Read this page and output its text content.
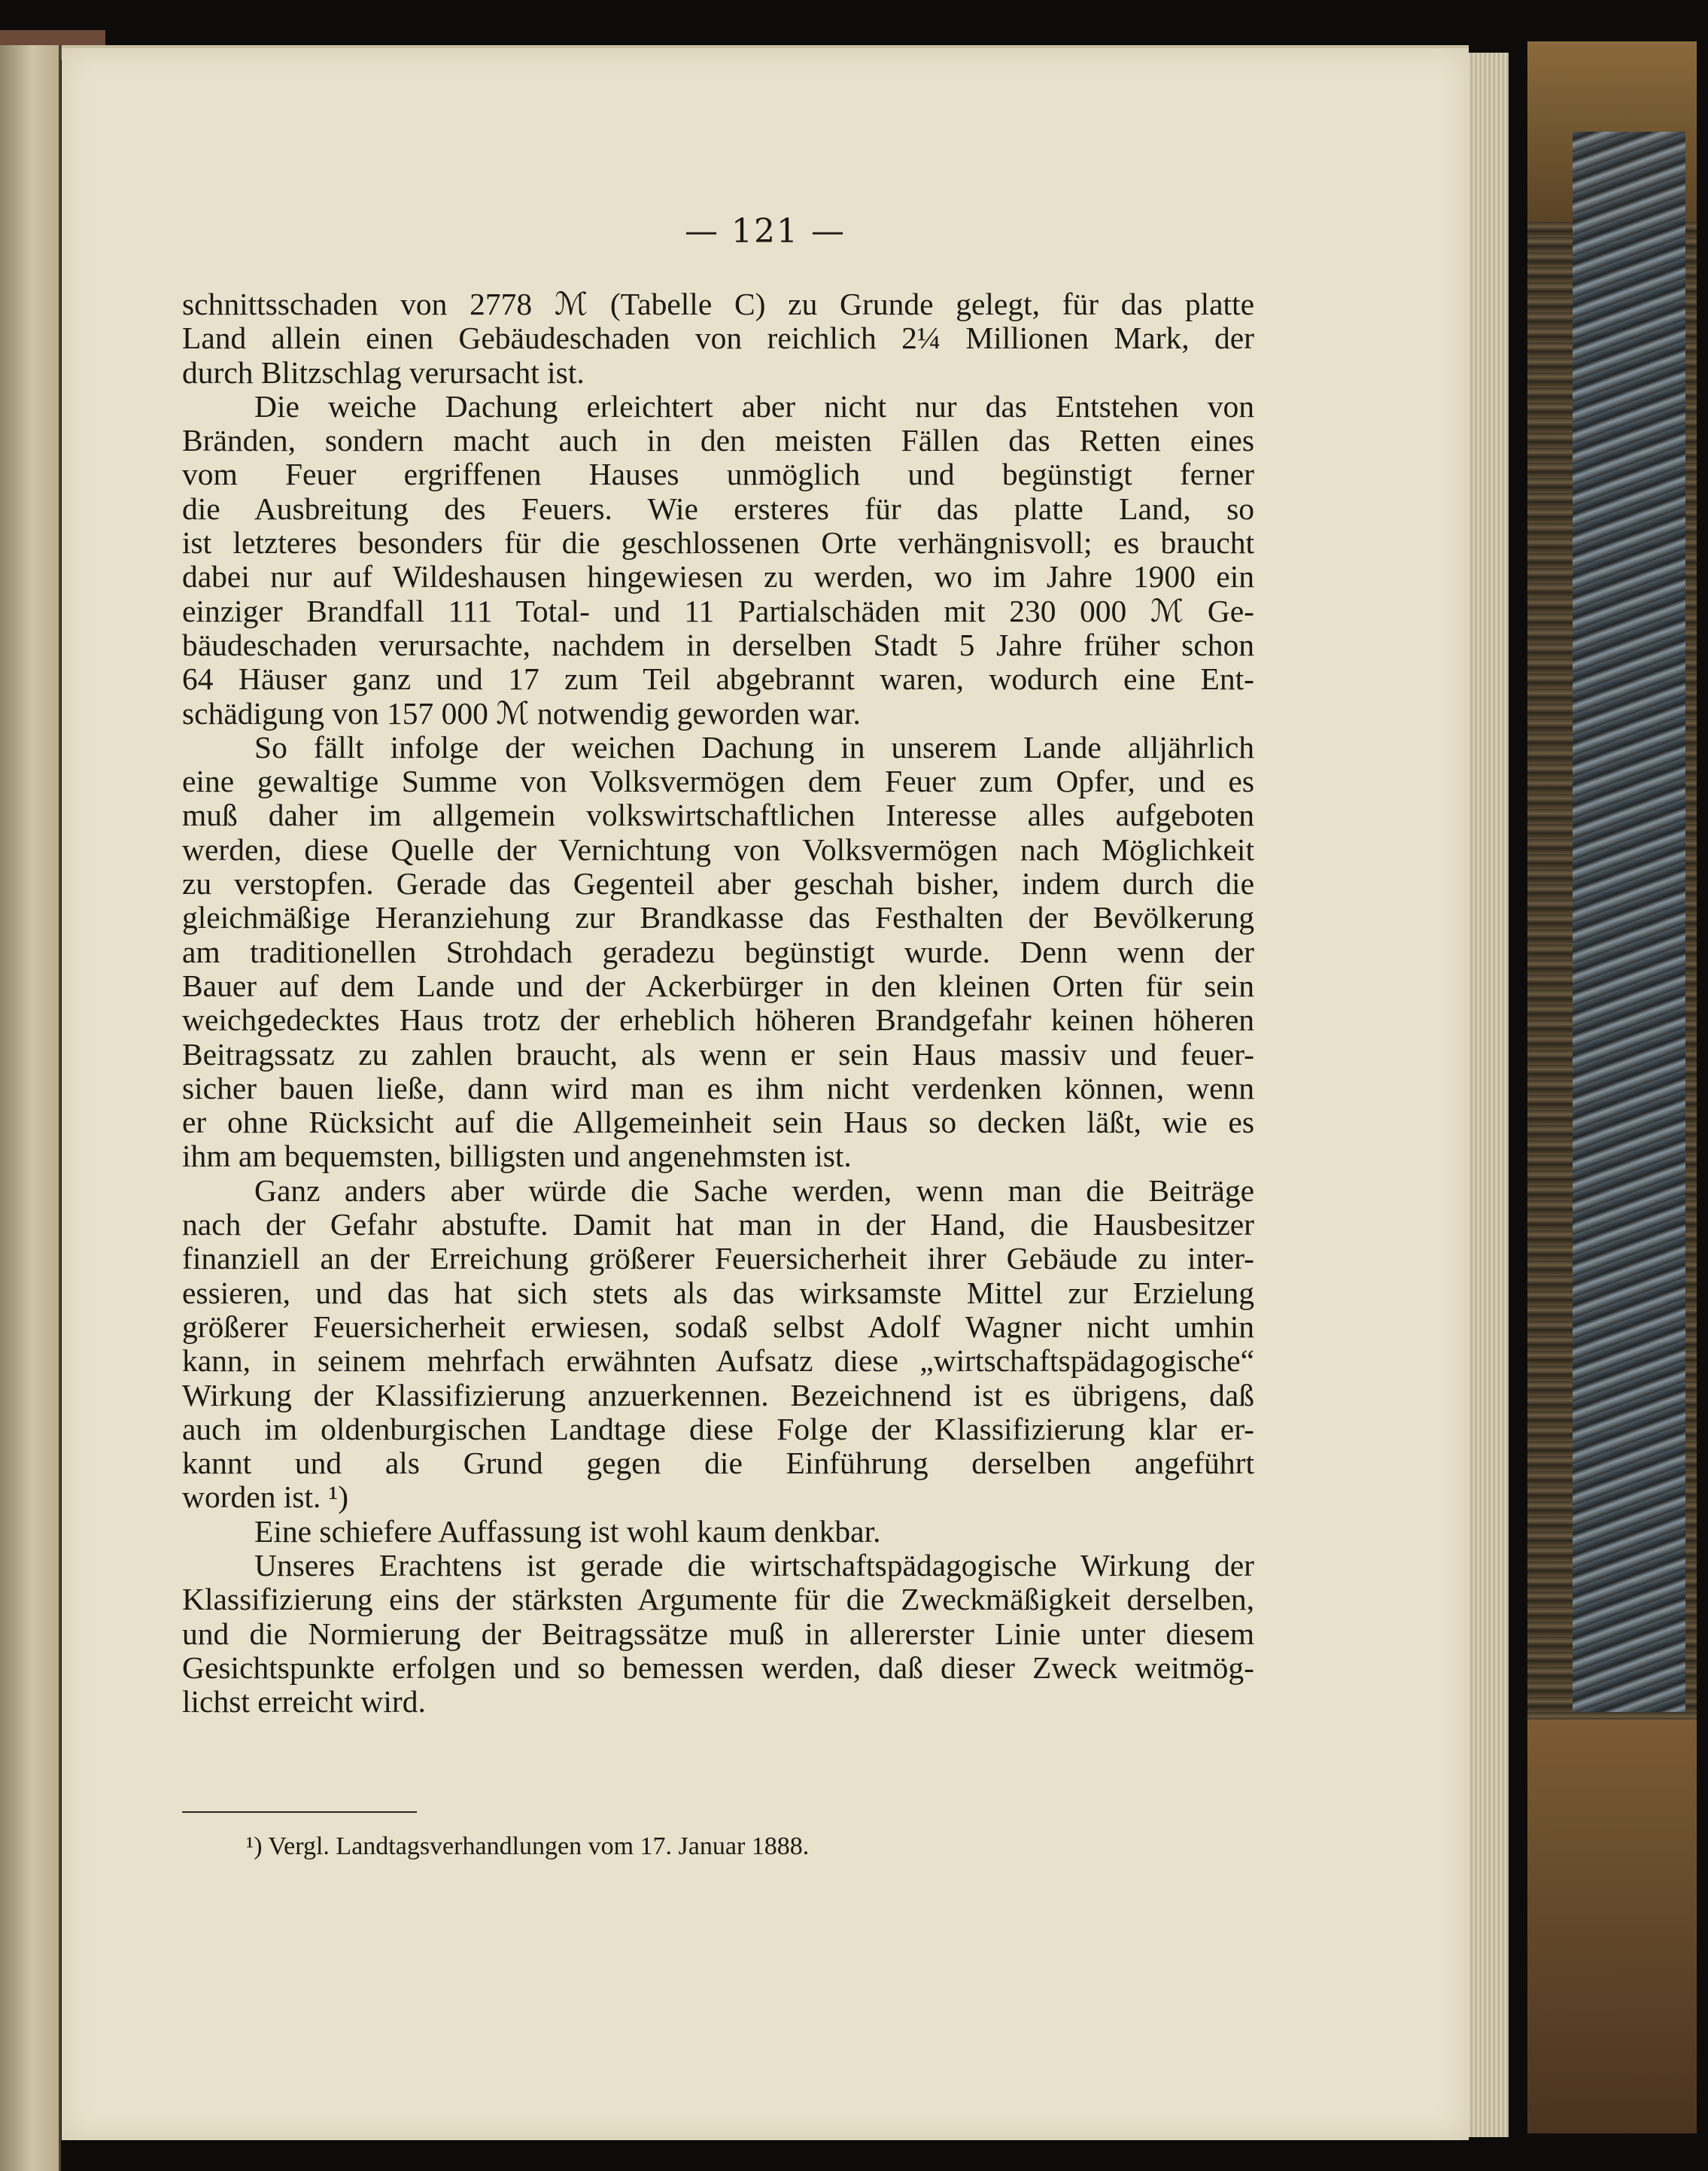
— 121 —
schnittsschaden von 2778 ℳ (Tabelle C) zu Grunde gelegt, für das platte
Land allein einen Gebäudeschaden von reichlich 2¼ Millionen Mark, der
durch Blitzschlag verursacht ist.
Die weiche Dachung erleichtert aber nicht nur das Entstehen von
Bränden, sondern macht auch in den meisten Fällen das Retten eines
vom Feuer ergriffenen Hauses unmöglich und begünstigt ferner
die Ausbreitung des Feuers. Wie ersteres für das platte Land, so
ist letzteres besonders für die geschlossenen Orte verhängnisvoll; es braucht
dabei nur auf Wildeshausen hingewiesen zu werden, wo im Jahre 1900 ein
einziger Brandfall 111 Total- und 11 Partialschäden mit 230 000 ℳ Ge-
bäudeschaden verursachte, nachdem in derselben Stadt 5 Jahre früher schon
64 Häuser ganz und 17 zum Teil abgebrannt waren, wodurch eine Ent-
schädigung von 157 000 ℳ notwendig geworden war.
So fällt infolge der weichen Dachung in unserem Lande alljährlich
eine gewaltige Summe von Volksvermögen dem Feuer zum Opfer, und es
muß daher im allgemein volkswirtschaftlichen Interesse alles aufgeboten
werden, diese Quelle der Vernichtung von Volksvermögen nach Möglichkeit
zu verstopfen. Gerade das Gegenteil aber geschah bisher, indem durch die
gleichmäßige Heranziehung zur Brandkasse das Festhalten der Bevölkerung
am traditionellen Strohdach geradezu begünstigt wurde. Denn wenn der
Bauer auf dem Lande und der Ackerbürger in den kleinen Orten für sein
weichgedecktes Haus trotz der erheblich höheren Brandgefahr keinen höheren
Beitragssatz zu zahlen braucht, als wenn er sein Haus massiv und feuer-
sicher bauen ließe, dann wird man es ihm nicht verdenken können, wenn
er ohne Rücksicht auf die Allgemeinheit sein Haus so decken läßt, wie es
ihm am bequemsten, billigsten und angenehmsten ist.
Ganz anders aber würde die Sache werden, wenn man die Beiträge
nach der Gefahr abstufte. Damit hat man in der Hand, die Hausbesitzer
finanziell an der Erreichung größerer Feuersicherheit ihrer Gebäude zu inter-
essieren, und das hat sich stets als das wirksamste Mittel zur Erzielung
größerer Feuersicherheit erwiesen, sodaß selbst Adolf Wagner nicht umhin
kann, in seinem mehrfach erwähnten Aufsatz diese „wirtschaftspädagogische“
Wirkung der Klassifizierung anzuerkennen. Bezeichnend ist es übrigens, daß
auch im oldenburgischen Landtage diese Folge der Klassifizierung klar er-
kannt und als Grund gegen die Einführung derselben angeführt
worden ist. ¹)
Eine schiefere Auffassung ist wohl kaum denkbar.
Unseres Erachtens ist gerade die wirtschaftspädagogische Wirkung der
Klassifizierung eins der stärksten Argumente für die Zweckmäßigkeit derselben,
und die Normierung der Beitragssätze muß in allererster Linie unter diesem
Gesichtspunkte erfolgen und so bemessen werden, daß dieser Zweck weitmög-
lichst erreicht wird.
¹) Vergl. Landtagsverhandlungen vom 17. Januar 1888.
